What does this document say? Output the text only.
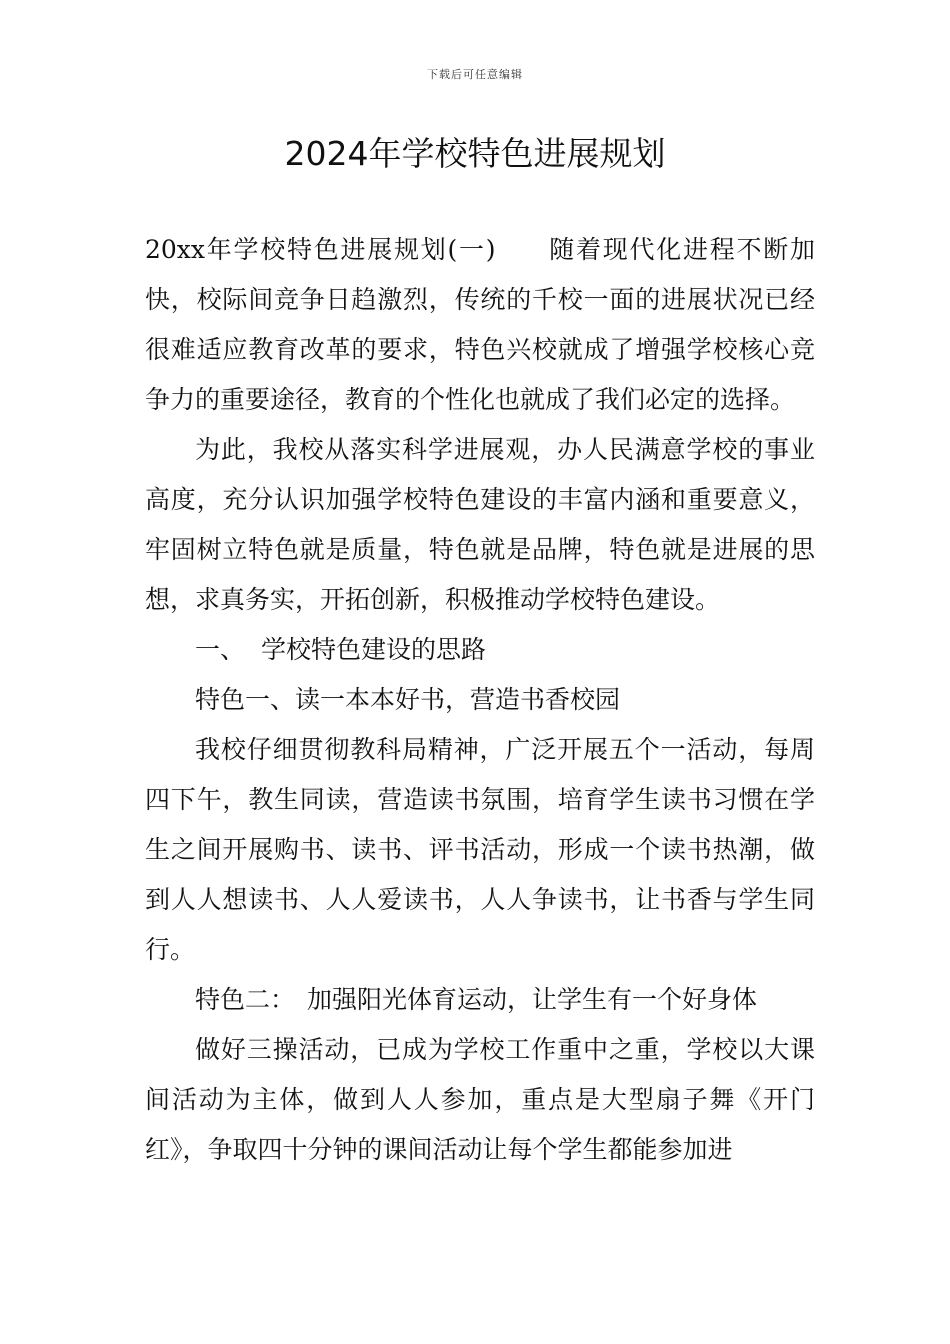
下载后可任意编辑
2024年学校特色进展规划

20xx年学校特色进展规划(一) 随着现代化进程不断加快，校际间竞争日趋激烈，传统的千校一面的进展状况已经很难适应教育改革的要求，特色兴校就成了增强学校核心竞争力的重要途径，教育的个性化也就成了我们必定的选择。

为此，我校从落实科学进展观，办人民满意学校的事业高度，充分认识加强学校特色建设的丰富内涵和重要意义，牢固树立特色就是质量，特色就是品牌，特色就是进展的思想，求真务实，开拓创新，积极推动学校特色建设。

一、 学校特色建设的思路

特色一、读一本本好书，营造书香校园

我校仔细贯彻教科局精神，广泛开展五个一活动，每周四下午，教生同读，营造读书氛围，培育学生读书习惯在学生之间开展购书、读书、评书活动，形成一个读书热潮，做到人人想读书、人人爱读书，人人争读书，让书香与学生同行。

特色二： 加强阳光体育运动，让学生有一个好身体

做好三操活动，已成为学校工作重中之重，学校以大课间活动为主体，做到人人参加，重点是大型扇子舞《开门红》，争取四十分钟的课间活动让每个学生都能参加进
